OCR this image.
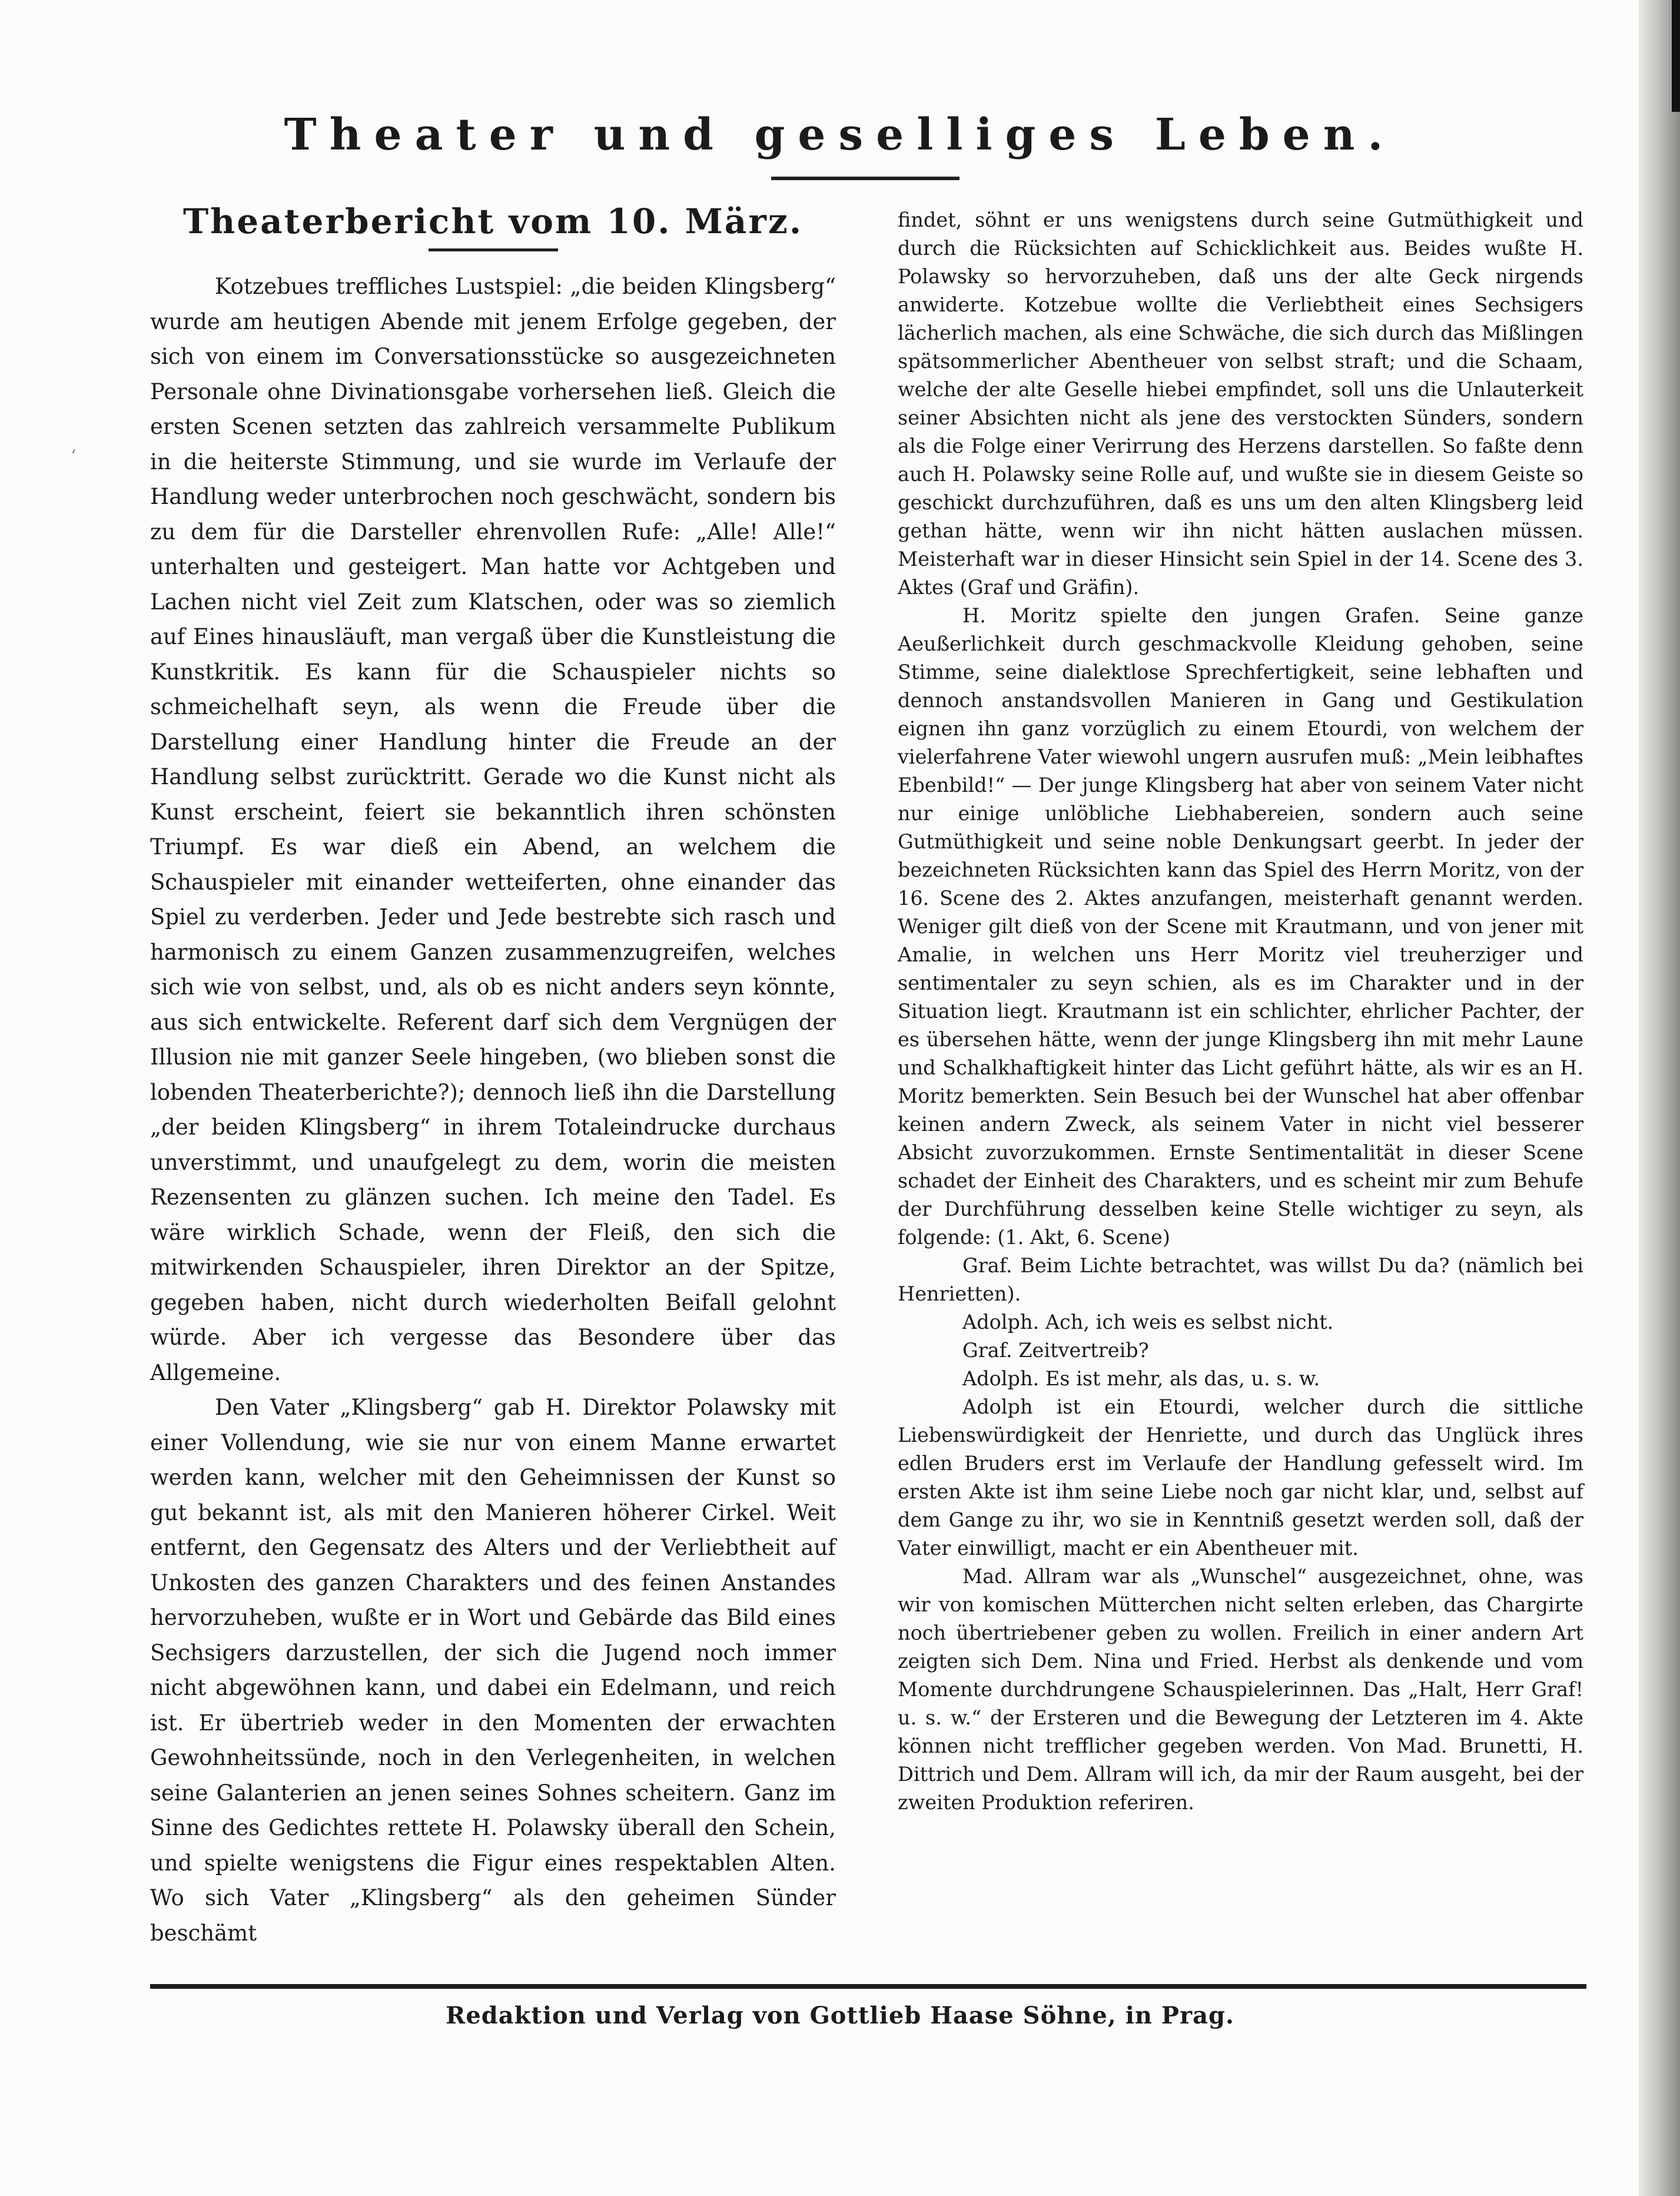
‘
Theater und geselliges Leben.
Theaterbericht vom 10. März.

Kotzebues treffliches Lustspiel: „die beiden Klingsberg“ wurde am heutigen Abende mit jenem Erfolge gegeben, der sich von einem im Conversationsstücke so ausgezeichneten Personale ohne Divinationsgabe vorhersehen ließ. Gleich die ersten Scenen setzten das zahlreich versammelte Publikum in die heiterste Stimmung, und sie wurde im Verlaufe der Handlung weder unterbrochen noch geschwächt, sondern bis zu dem für die Darsteller ehrenvollen Rufe: „Alle! Alle!“ unterhalten und gesteigert. Man hatte vor Achtgeben und Lachen nicht viel Zeit zum Klatschen, oder was so ziemlich auf Eines hinausläuft, man vergaß über die Kunstleistung die Kunstkritik. Es kann für die Schauspieler nichts so schmeichelhaft seyn, als wenn die Freude über die Darstellung einer Handlung hinter die Freude an der Handlung selbst zurücktritt. Gerade wo die Kunst nicht als Kunst erscheint, feiert sie bekanntlich ihren schönsten Triumpf. Es war dieß ein Abend, an welchem die Schauspieler mit einander wetteiferten, ohne einander das Spiel zu verderben. Jeder und Jede bestrebte sich rasch und harmonisch zu einem Ganzen zusammenzugreifen, welches sich wie von selbst, und, als ob es nicht anders seyn könnte, aus sich entwickelte. Referent darf sich dem Vergnügen der Illusion nie mit ganzer Seele hingeben, (wo blieben sonst die lobenden Theaterberichte?); dennoch ließ ihn die Darstellung „der beiden Klingsberg“ in ihrem Totaleindrucke durchaus unverstimmt, und unaufgelegt zu dem, worin die meisten Rezensenten zu glänzen suchen. Ich meine den Tadel. Es wäre wirklich Schade, wenn der Fleiß, den sich die mitwirkenden Schauspieler, ihren Direktor an der Spitze, gegeben haben, nicht durch wiederholten Beifall gelohnt würde. Aber ich vergesse das Besondere über das Allgemeine.

Den Vater „Klingsberg“ gab H. Direktor Polawsky mit einer Vollendung, wie sie nur von einem Manne erwartet werden kann, welcher mit den Geheimnissen der Kunst so gut bekannt ist, als mit den Manieren höherer Cirkel. Weit entfernt, den Gegensatz des Alters und der Verliebtheit auf Unkosten des ganzen Charakters und des feinen Anstandes hervorzuheben, wußte er in Wort und Gebärde das Bild eines Sechsigers darzustellen, der sich die Jugend noch immer nicht abgewöhnen kann, und dabei ein Edelmann, und reich ist. Er übertrieb weder in den Momenten der erwachten Gewohnheitssünde, noch in den Verlegenheiten, in welchen seine Galanterien an jenen seines Sohnes scheitern. Ganz im Sinne des Gedichtes rettete H. Polawsky überall den Schein, und spielte wenigstens die Figur eines respektablen Alten. Wo sich Vater „Klingsberg“ als den geheimen Sünder beschämt

findet, söhnt er uns wenigstens durch seine Gutmüthigkeit und durch die Rücksichten auf Schicklichkeit aus. Beides wußte H. Polawsky so hervorzuheben, daß uns der alte Geck nirgends anwiderte. Kotzebue wollte die Verliebtheit eines Sechsigers lächerlich machen, als eine Schwäche, die sich durch das Mißlingen spätsommerlicher Abentheuer von selbst straft; und die Schaam, welche der alte Geselle hiebei empfindet, soll uns die Unlauterkeit seiner Absichten nicht als jene des verstockten Sünders, sondern als die Folge einer Verirrung des Herzens darstellen. So faßte denn auch H. Polawsky seine Rolle auf, und wußte sie in diesem Geiste so geschickt durchzuführen, daß es uns um den alten Klingsberg leid gethan hätte, wenn wir ihn nicht hätten auslachen müssen. Meisterhaft war in dieser Hinsicht sein Spiel in der 14. Scene des 3. Aktes (Graf und Gräfin).

H. Moritz spielte den jungen Grafen. Seine ganze Aeußerlichkeit durch geschmackvolle Kleidung gehoben, seine Stimme, seine dialektlose Sprechfertigkeit, seine lebhaften und dennoch anstandsvollen Manieren in Gang und Gestikulation eignen ihn ganz vorzüglich zu einem Etourdi, von welchem der vielerfahrene Vater wiewohl ungern ausrufen muß: „Mein leibhaftes Ebenbild!“ — Der junge Klingsberg hat aber von seinem Vater nicht nur einige unlöbliche Liebhabereien, sondern auch seine Gutmüthigkeit und seine noble Denkungsart geerbt. In jeder der bezeichneten Rücksichten kann das Spiel des Herrn Moritz, von der 16. Scene des 2. Aktes anzufangen, meisterhaft genannt werden. Weniger gilt dieß von der Scene mit Krautmann, und von jener mit Amalie, in welchen uns Herr Moritz viel treuherziger und sentimentaler zu seyn schien, als es im Charakter und in der Situation liegt. Krautmann ist ein schlichter, ehrlicher Pachter, der es übersehen hätte, wenn der junge Klingsberg ihn mit mehr Laune und Schalkhaftigkeit hinter das Licht geführt hätte, als wir es an H. Moritz bemerkten. Sein Besuch bei der Wunschel hat aber offenbar keinen andern Zweck, als seinem Vater in nicht viel besserer Absicht zuvorzukommen. Ernste Sentimentalität in dieser Scene schadet der Einheit des Charakters, und es scheint mir zum Behufe der Durchführung desselben keine Stelle wichtiger zu seyn, als folgende: (1. Akt, 6. Scene)

Graf. Beim Lichte betrachtet, was willst Du da? (nämlich bei Henrietten).

Adolph. Ach, ich weis es selbst nicht.

Graf. Zeitvertreib?

Adolph. Es ist mehr, als das, u. s. w.

Adolph ist ein Etourdi, welcher durch die sittliche Liebenswürdigkeit der Henriette, und durch das Unglück ihres edlen Bruders erst im Verlaufe der Handlung gefesselt wird. Im ersten Akte ist ihm seine Liebe noch gar nicht klar, und, selbst auf dem Gange zu ihr, wo sie in Kenntniß gesetzt werden soll, daß der Vater einwilligt, macht er ein Abentheuer mit.

Mad. Allram war als „Wunschel“ ausgezeichnet, ohne, was wir von komischen Mütterchen nicht selten erleben, das Chargirte noch übertriebener geben zu wollen. Freilich in einer andern Art zeigten sich Dem. Nina und Fried. Herbst als denkende und vom Momente durchdrungene Schauspielerinnen. Das „Halt, Herr Graf! u. s. w.“ der Ersteren und die Bewegung der Letzteren im 4. Akte können nicht trefflicher gegeben werden. Von Mad. Brunetti, H. Dittrich und Dem. Allram will ich, da mir der Raum ausgeht, bei der zweiten Produktion referiren.

Redaktion und Verlag von Gottlieb Haase Söhne, in Prag.
